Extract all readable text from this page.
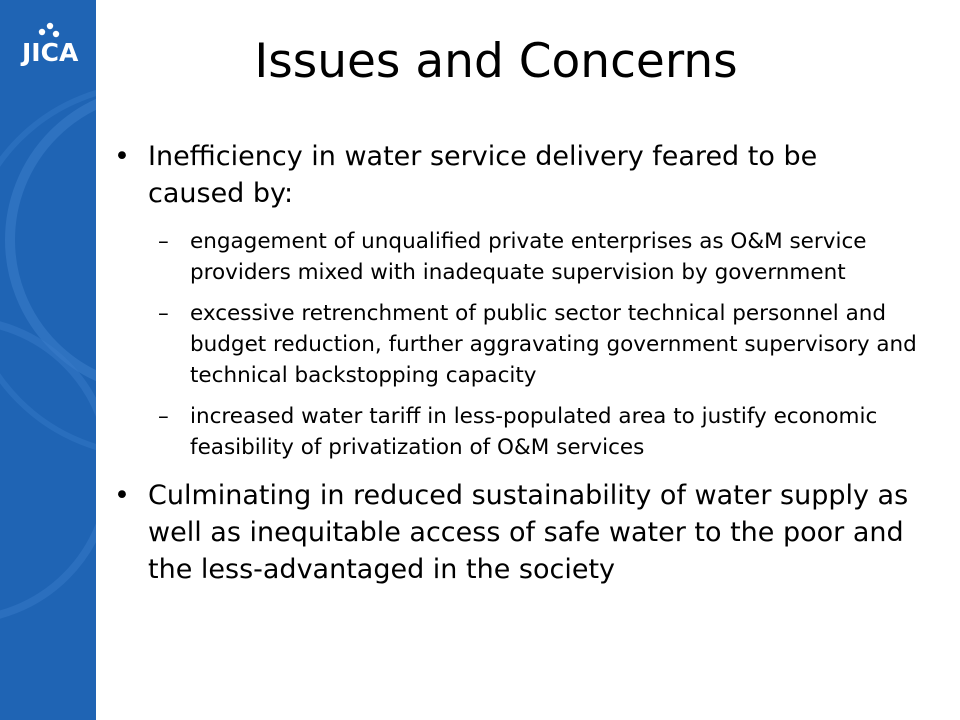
JICA	Issues and Concerns
• Inefficiency in water service delivery feared to be caused by:
– engagement of unqualified private enterprises as O&M service providers mixed with inadequate supervision by government
– excessive retrenchment of public sector technical personnel and budget reduction, further aggravating government supervisory and technical backstopping capacity
– increased water tariff in less-populated area to justify economic feasibility of privatization of O&M services
• Culminating in reduced sustainability of water supply as well as inequitable access of safe water to the poor and the less-advantaged in the society
